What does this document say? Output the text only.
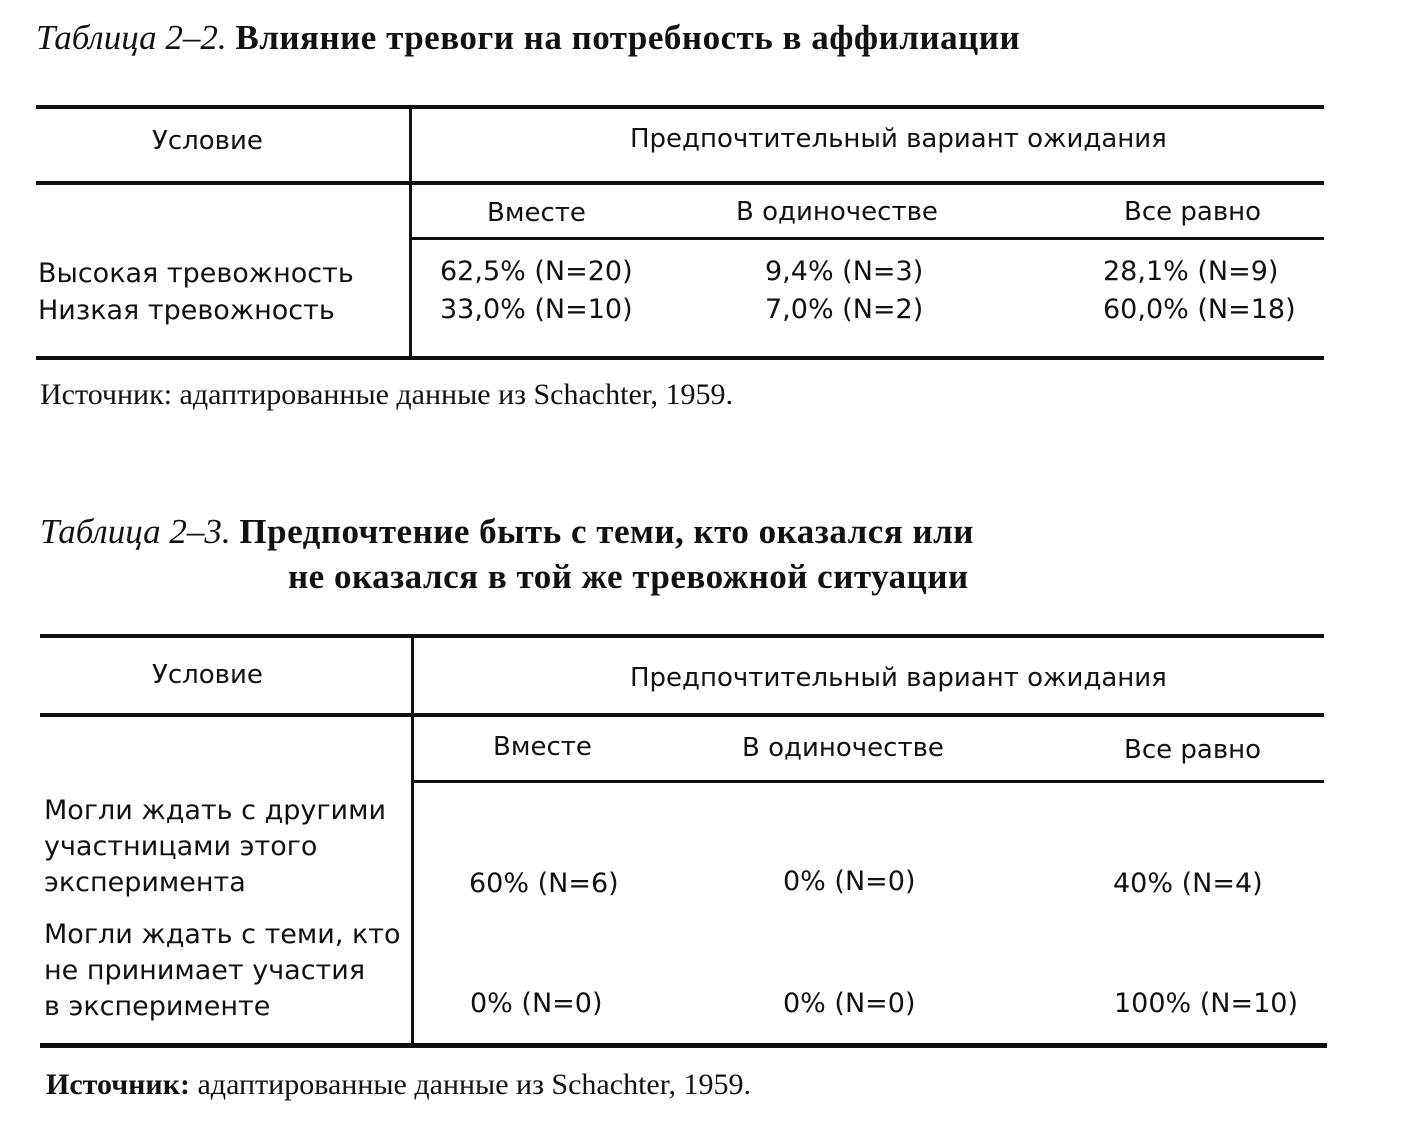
Таблица 2–2. Влияние тревоги на потребность в аффилиации
Условие	Предпочтительный вариант ожидания
Вместе	В одиночестве	Все равно
Высокая тревожность	62,5% (N=20)	9,4% (N=3)	28,1% (N=9)
Низкая тревожность	33,0% (N=10)	7,0% (N=2)	60,0% (N=18)
Источник: адаптированные данные из Schachter, 1959.
Таблица 2–3. Предпочтение быть с теми, кто оказался или
не оказался в той же тревожной ситуации
Условие	Предпочтительный вариант ожидания
Вместе	В одиночестве	Все равно
Могли ждать с другими
участницами этого
эксперимента	60% (N=6)	0% (N=0)	40% (N=4)
Могли ждать с теми, кто
не принимает участия
в эксперименте	0% (N=0)	0% (N=0)	100% (N=10)
Источник: адаптированные данные из Schachter, 1959.
